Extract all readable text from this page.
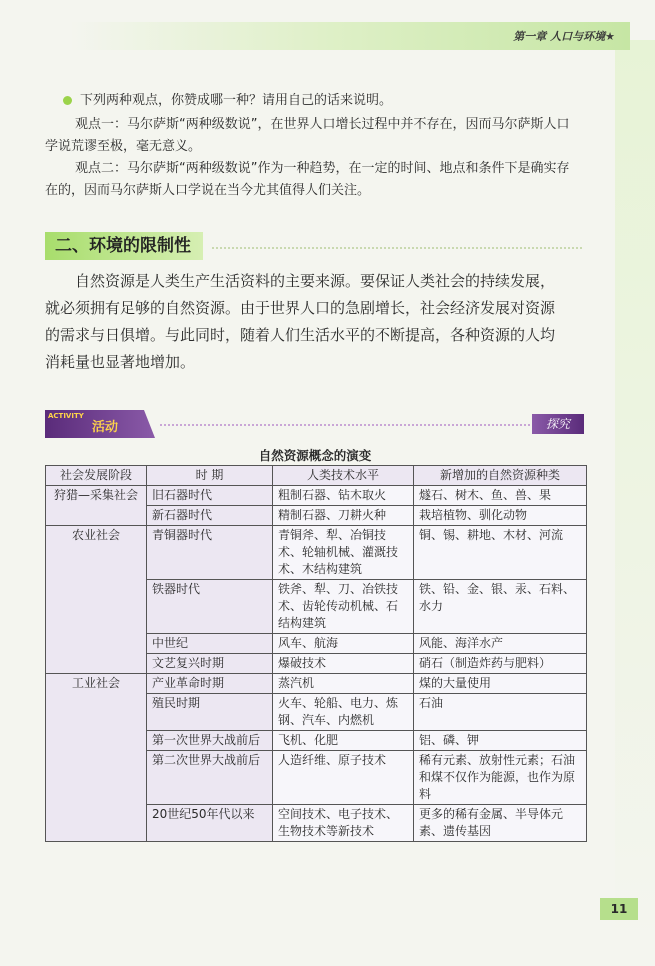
第一章 人口与环境★
下列两种观点，你赞成哪一种？请用自己的话来说明。
观点一：马尔萨斯“两种级数说”，在世界人口增长过程中并不存在，因而马尔萨斯人口学说荒谬至极，毫无意义。
观点二：马尔萨斯“两种级数说”作为一种趋势，在一定的时间、地点和条件下是确实存在的，因而马尔萨斯人口学说在当今尤其值得人们关注。
二、环境的限制性
自然资源是人类生产生活资料的主要来源。要保证人类社会的持续发展，就必须拥有足够的自然资源。由于世界人口的急剧增长，社会经济发展对资源的需求与日俱增。与此同时，随着人们生活水平的不断提高，各种资源的人均消耗量也显著地增加。
ACTIVITY
活动	探究
自然资源概念的演变
社会发展阶段	时 期	人类技术水平	新增加的自然资源种类
狩猎—采集社会	旧石器时代	粗制石器、钻木取火	燧石、树木、鱼、兽、果
	新石器时代	精制石器、刀耕火种	栽培植物、驯化动物
农业社会	青铜器时代	青铜斧、犁、冶铜技术、轮轴机械、灌溉技术、木结构建筑	铜、锡、耕地、木材、河流
	铁器时代	铁斧、犁、刀、冶铁技术、齿轮传动机械、石结构建筑	铁、铅、金、银、汞、石料、水力
	中世纪	风车、航海	风能、海洋水产
	文艺复兴时期	爆破技术	硝石（制造炸药与肥料）
工业社会	产业革命时期	蒸汽机	煤的大量使用
	殖民时期	火车、轮船、电力、炼钢、汽车、内燃机	石油
	第一次世界大战前后	飞机、化肥	铝、磷、钾
	第二次世界大战前后	人造纤维、原子技术	稀有元素、放射性元素；石油和煤不仅作为能源，也作为原料
	20世纪50年代以来	空间技术、电子技术、生物技术等新技术	更多的稀有金属、半导体元素、遗传基因
11
